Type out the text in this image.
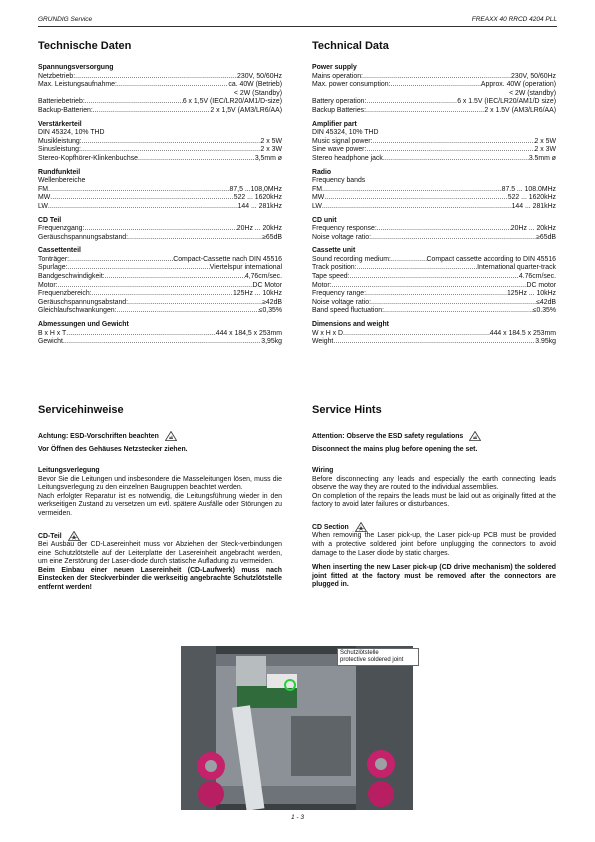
GRUNDIG Service	FREAXX 40 RRCD 4204 PLL
Technische Daten
Spannungsversorgung
Netzbetrieb: .....	230V, 50/60Hz
Max. Leistungsaufnahme: .....	ca. 40W (Betrieb)
< 2W (Standby)
Batteriebetrieb: .....	6 x 1,5V (IEC/LR20/AM1/D-size)
Backup-Batterien: .....	2 x 1,5V (AM3/LR6/AA)
Verstärkerteil
DIN 45324, 10% THD
Musikleistung: .....	2 x 5W
Sinusleistung: .....	2 x 3W
Stereo-Kopfhörer-Klinkenbuchse .....	3,5mm ø
Rundfunkteil
Wellenbereiche
FM .....	87,5 ...108,0MHz
MW .....	522 ... 1620kHz
LW .....	144 ... 281kHz
CD Teil
Frequenzgang: .....	20Hz ... 20kHz
Geräuschspannungsabstand: .....	≥65dB
Cassettenteil
Tonträger: .....	Compact-Cassette nach DIN 45516
Spurlage: .....	Viertelspur international
Bandgeschwindigkeit: .....	4,76cm/sec.
Motor: .....	DC Motor
Frequenzbereich: .....	125Hz ... 10kHz
Geräuschspannungsabstand: .....	≥42dB
Gleichlaufschwankungen: .....	≤0,35%
Abmessungen und Gewicht
B x H x T .....	444 x 184,5 x 253mm
Gewicht .....	3,95kg
Technical Data
Power supply
Mains operation: .....	230V, 50/60Hz
Max. power consumption: .....	Approx. 40W (operation)
< 2W (standby)
Battery operation: .....	6 x 1.5V (IEC/LR20/AM1/D size)
Backup Batteries: .....	2 x 1.5V (AM3/LR6/AA)
Amplifier part
DIN 45324, 10% THD
Music signal power: .....	2 x 5W
Sine wave power: .....	2 x 3W
Stereo headphone jack .....	3.5mm ø
Radio
Frequency bands
FM .....	87.5 ... 108.0MHz
MW .....	522 ... 1620kHz
LW .....	144 ... 281kHz
CD unit
Frequency response: .....	20Hz ... 20kHz
Noise voltage ratio: .....	≥65dB
Cassette unit
Sound recording medium: .....	Compact cassette according to DIN 45516
Track position: .....	International quarter-track
Tape speed: .....	4.76cm/sec.
Motor: .....	DC motor
Frequency range: .....	125Hz ... 10kHz
Noise voltage ratio: .....	≤42dB
Band speed fluctuation: .....	≤0.35%
Dimensions and weight
W x H x D .....	444 x 184.5 x 253mm
Weight .....	3.95kg
Servicehinweise
Achtung: ESD-Vorschriften beachten
Vor Öffnen des Gehäuses Netzstecker ziehen.
Leitungsverlegung
Bevor Sie die Leitungen und insbesondere die Masseleitungen lösen, muss die Leitungsverlegung zu den einzelnen Baugruppen beachtet werden.
Nach erfolgter Reparatur ist es notwendig, die Leitungsführung wieder in den werkseitigen Zustand zu versetzen um evtl. spätere Ausfälle oder Störungen zu vermeiden.
CD-Teil
Bei Ausbau der CD-Lasereinheit muss vor Abziehen der Steck-verbindungen eine Schutzlötstelle auf der Leiterplatte der Lasereinheit angebracht werden, um eine Zerstörung der Laser-diode durch statische Aufladung zu vermeiden.
Beim Einbau einer neuen Lasereinheit (CD-Laufwerk) muss nach Einstecken der Steckverbinder die werkseitig angebrachte Schutzlötstelle entfernt werden!
Service Hints
Attention: Observe the ESD safety regulations
Disconnect the mains plug before opening the set.
Wiring
Before disconnecting any leads and especially the earth connecting leads observe the way they are routed to the individual assemblies.
On completion of the repairs the leads must be laid out as originally fitted at the factory to avoid later failures or disturbances.
CD Section
When removing the Laser pick-up, the Laser pick-up PCB must be provided with a protective soldered joint before unplugging the connectors to avoid damage to the Laser diode by static charges.
When inserting the new Laser pick-up (CD drive mechanism) the soldered joint fitted at the factory must be removed after the connectors are plugged in.
Schutzlötstelle
protective soldered joint
1 - 3
